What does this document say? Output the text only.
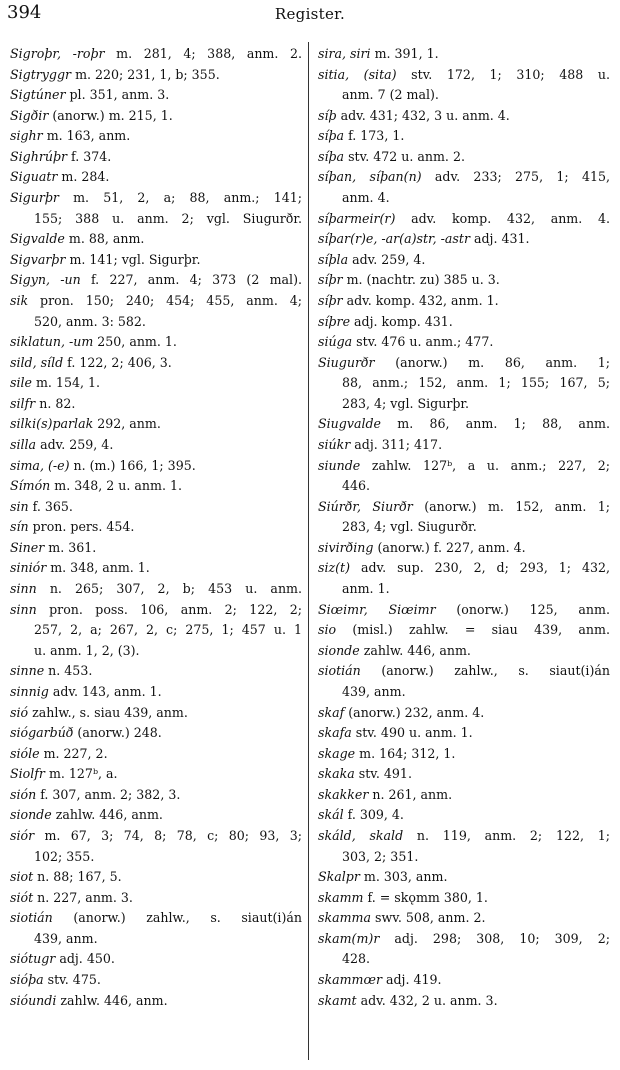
394	Register.
Sigroþr, -roþr m. 281, 4; 388, anm. 2.
Sigtryggr m. 220; 231, 1, b; 355.
Sigtúner pl. 351, anm. 3.
Sigðir (anorw.) m. 215, 1.
sighr m. 163, anm.
Sighrúþr f. 374.
Siguatr m. 284.
Sigurþr m. 51, 2, a; 88, anm.; 141;
155; 388 u. anm. 2; vgl. Siugurðr.
Sigvalde m. 88, anm.
Sigvarþr m. 141; vgl. Sigurþr.
Sigyn, -un f. 227, anm. 4; 373 (2 mal).
sik pron. 150; 240; 454; 455, anm. 4;
520, anm. 3: 582.
siklatun, -um 250, anm. 1.
sild, síld f. 122, 2; 406, 3.
sile m. 154, 1.
silfr n. 82.
silki(s)parlak 292, anm.
silla adv. 259, 4.
sima, (-e) n. (m.) 166, 1; 395.
Símón m. 348, 2 u. anm. 1.
sin f. 365.
sín pron. pers. 454.
Siner m. 361.
siniór m. 348, anm. 1.
sinn n. 265; 307, 2, b; 453 u. anm.
sinn pron. poss. 106, anm. 2; 122, 2;
257, 2, a; 267, 2, c; 275, 1; 457 u. 1
u. anm. 1, 2, (3).
sinne n. 453.
sinnig adv. 143, anm. 1.
sió zahlw., s. siau 439, anm.
siógarbúð (anorw.) 248.
sióle m. 227, 2.
Siolfr m. 127ᵇ, a.
sión f. 307, anm. 2; 382, 3.
sionde zahlw. 446, anm.
siór m. 67, 3; 74, 8; 78, c; 80; 93, 3;
102; 355.
siot n. 88; 167, 5.
siót n. 227, anm. 3.
siotián (anorw.) zahlw., s. siaut(i)án
439, anm.
siótugr adj. 450.
sióþa stv. 475.
sióundi zahlw. 446, anm.
sira, siri m. 391, 1.
sitia, (sita) stv. 172, 1; 310; 488 u.
anm. 7 (2 mal).
síþ adv. 431; 432, 3 u. anm. 4.
síþa f. 173, 1.
síþa stv. 472 u. anm. 2.
síþan, síþan(n) adv. 233; 275, 1; 415,
anm. 4.
síþarmeir(r) adv. komp. 432, anm. 4.
síþar(r)e, -ar(a)str, -astr adj. 431.
síþla adv. 259, 4.
síþr m. (nachtr. zu) 385 u. 3.
síþr adv. komp. 432, anm. 1.
síþre adj. komp. 431.
siúga stv. 476 u. anm.; 477.
Siugurðr (anorw.) m. 86, anm. 1;
88, anm.; 152, anm. 1; 155; 167, 5;
283, 4; vgl. Sigurþr.
Siugvalde m. 86, anm. 1; 88, anm.
siúkr adj. 311; 417.
siunde zahlw. 127ᵇ, a u. anm.; 227, 2;
446.
Siúrðr, Siurðr (anorw.) m. 152, anm. 1;
283, 4; vgl. Siugurðr.
sivirðing (anorw.) f. 227, anm. 4.
siz(t) adv. sup. 230, 2, d; 293, 1; 432,
anm. 1.
Siœimr, Siœimr (onorw.) 125, anm.
sio (misl.) zahlw. = siau 439, anm.
sionde zahlw. 446, anm.
siotián (anorw.) zahlw., s. siaut(i)án
439, anm.
skaf (anorw.) 232, anm. 4.
skafa stv. 490 u. anm. 1.
skage m. 164; 312, 1.
skaka stv. 491.
skakker n. 261, anm.
skál f. 309, 4.
skáld, skald n. 119, anm. 2; 122, 1;
303, 2; 351.
Skalpr m. 303, anm.
skamm f. = skǫmm 380, 1.
skamma swv. 508, anm. 2.
skam(m)r adj. 298; 308, 10; 309, 2;
428.
skammœr adj. 419.
skamt adv. 432, 2 u. anm. 3.
